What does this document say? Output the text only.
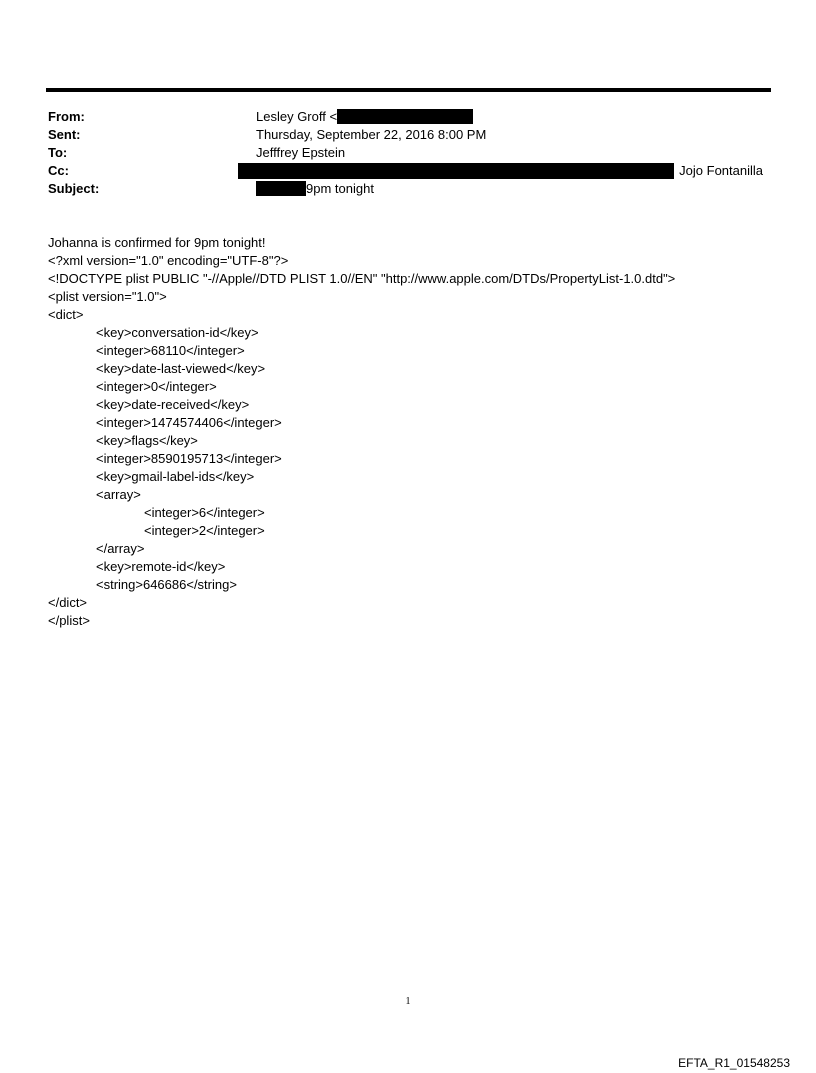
From:	Lesley Groff <
Sent:	Thursday, September 22, 2016 8:00 PM
To:	Jefffrey Epstein
Cc:	Jojo Fontanilla
Subject:	9pm tonight
Johanna is confirmed for 9pm tonight!
<?xml version="1.0" encoding="UTF-8"?>
<!DOCTYPE plist PUBLIC "-//Apple//DTD PLIST 1.0//EN" "http://www.apple.com/DTDs/PropertyList-1.0.dtd">
<plist version="1.0">
<dict>
<key>conversation-id</key>
<integer>68110</integer>
<key>date-last-viewed</key>
<integer>0</integer>
<key>date-received</key>
<integer>1474574406</integer>
<key>flags</key>
<integer>8590195713</integer>
<key>gmail-label-ids</key>
<array>
<integer>6</integer>
<integer>2</integer>
</array>
<key>remote-id</key>
<string>646686</string>
</dict>
</plist>
1
EFTA_R1_01548253
